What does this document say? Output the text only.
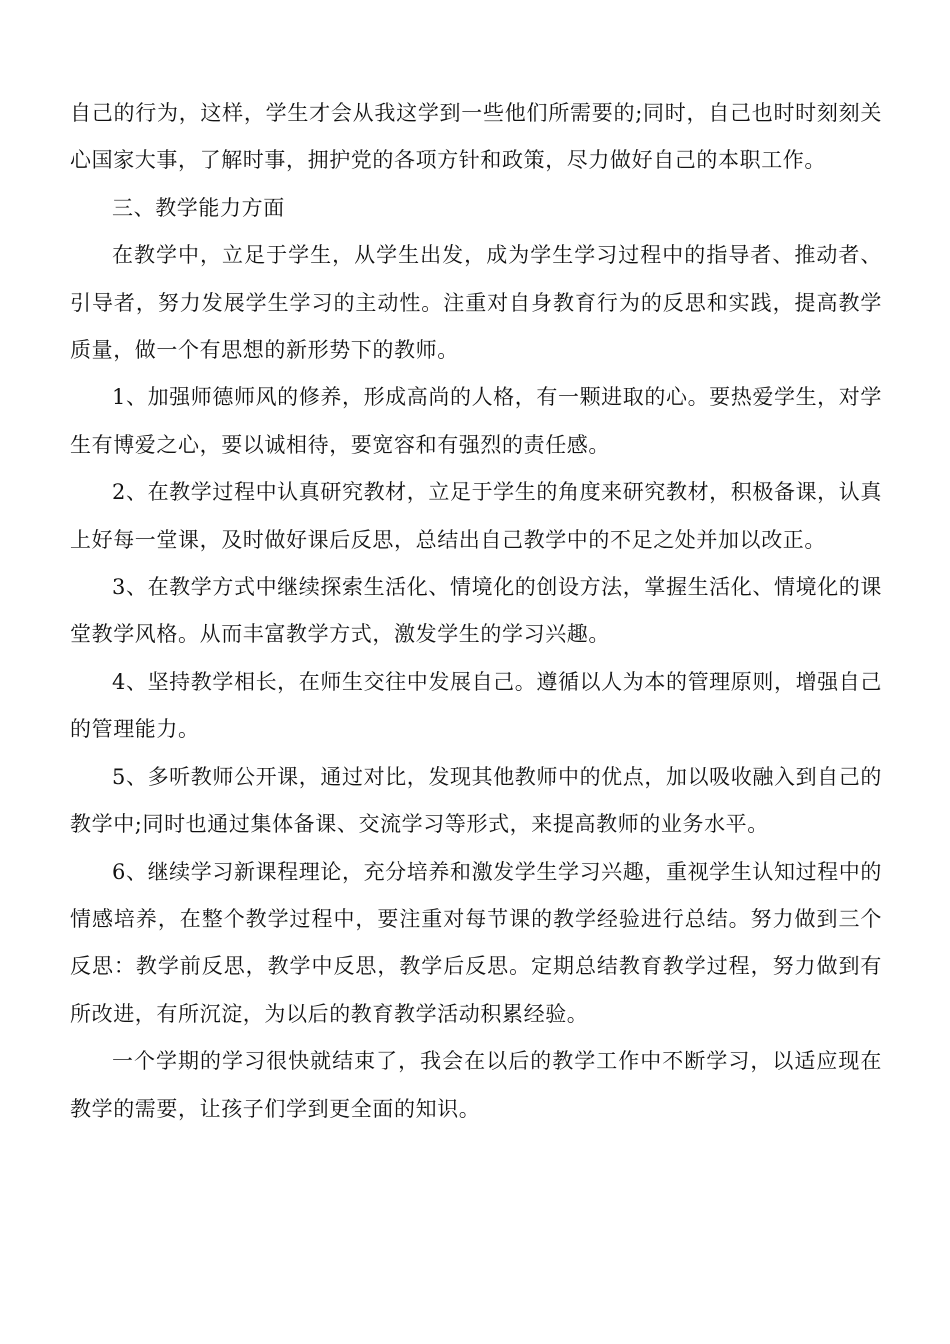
自己的行为，这样，学生才会从我这学到一些他们所需要的;同时，自己也时时刻刻关心国家大事，了解时事，拥护党的各项方针和政策，尽力做好自己的本职工作。

三、教学能力方面

在教学中，立足于学生，从学生出发，成为学生学习过程中的指导者、推动者、引导者，努力发展学生学习的主动性。注重对自身教育行为的反思和实践，提高教学质量，做一个有思想的新形势下的教师。

1、加强师德师风的修养，形成高尚的人格，有一颗进取的心。要热爱学生，对学生有博爱之心，要以诚相待，要宽容和有强烈的责任感。

2、在教学过程中认真研究教材，立足于学生的角度来研究教材，积极备课，认真上好每一堂课，及时做好课后反思，总结出自己教学中的不足之处并加以改正。

3、在教学方式中继续探索生活化、情境化的创设方法，掌握生活化、情境化的课堂教学风格。从而丰富教学方式，激发学生的学习兴趣。

4、坚持教学相长，在师生交往中发展自己。遵循以人为本的管理原则，增强自己的管理能力。

5、多听教师公开课，通过对比，发现其他教师中的优点，加以吸收融入到自己的教学中;同时也通过集体备课、交流学习等形式，来提高教师的业务水平。

6、继续学习新课程理论，充分培养和激发学生学习兴趣，重视学生认知过程中的情感培养，在整个教学过程中，要注重对每节课的教学经验进行总结。努力做到三个反思：教学前反思，教学中反思，教学后反思。定期总结教育教学过程，努力做到有所改进，有所沉淀，为以后的教育教学活动积累经验。

一个学期的学习很快就结束了，我会在以后的教学工作中不断学习，以适应现在教学的需要，让孩子们学到更全面的知识。
